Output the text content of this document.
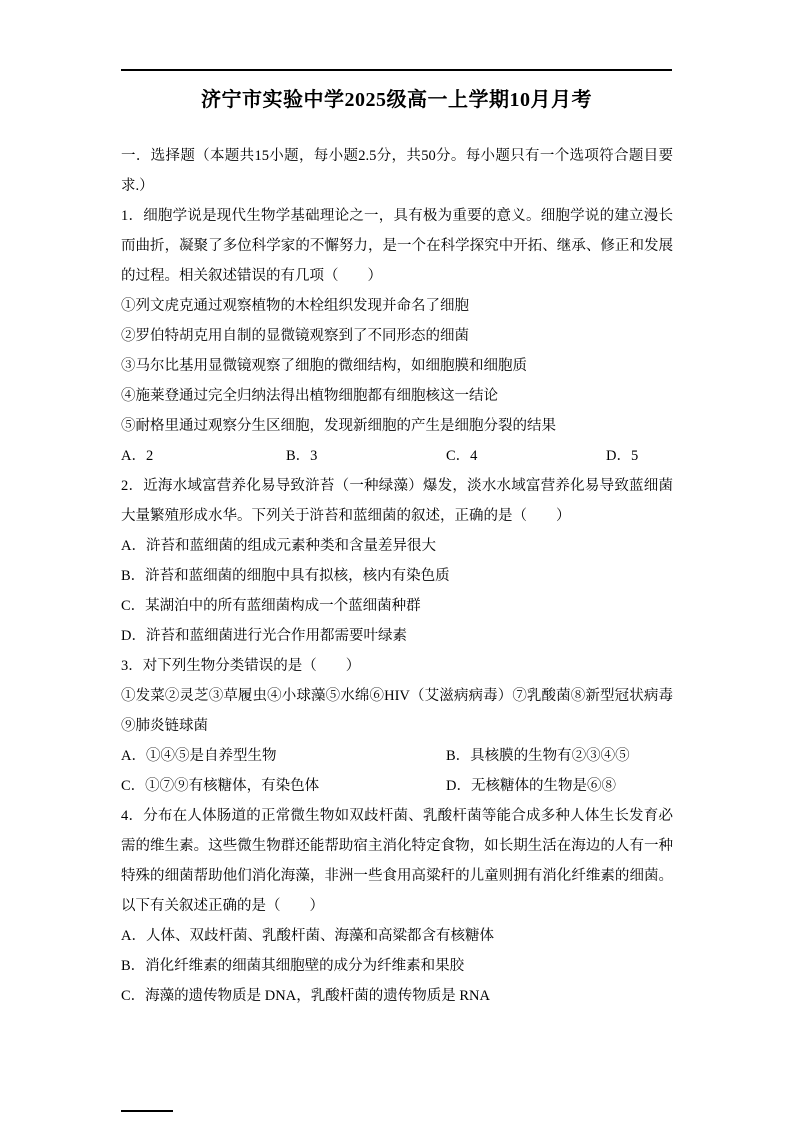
济宁市实验中学2025级高一上学期10月月考

一．选择题（本题共15小题，每小题2.5分，共50分。每小题只有一个选项符合题目要求.）

1．细胞学说是现代生物学基础理论之一，具有极为重要的意义。细胞学说的建立漫长而曲折，凝聚了多位科学家的不懈努力，是一个在科学探究中开拓、继承、修正和发展的过程。相关叙述错误的有几项（　　）

①列文虎克通过观察植物的木栓组织发现并命名了细胞

②罗伯特胡克用自制的显微镜观察到了不同形态的细菌

③马尔比基用显微镜观察了细胞的微细结构，如细胞膜和细胞质

④施莱登通过完全归纳法得出植物细胞都有细胞核这一结论

⑤耐格里通过观察分生区细胞，发现新细胞的产生是细胞分裂的结果

A．2	B．3	C．4	D．5

2．近海水域富营养化易导致浒苔（一种绿藻）爆发，淡水水域富营养化易导致蓝细菌大量繁殖形成水华。下列关于浒苔和蓝细菌的叙述，正确的是（　　）

A．浒苔和蓝细菌的组成元素种类和含量差异很大

B．浒苔和蓝细菌的细胞中具有拟核，核内有染色质

C．某湖泊中的所有蓝细菌构成一个蓝细菌种群

D．浒苔和蓝细菌进行光合作用都需要叶绿素

3．对下列生物分类错误的是（　　）

①发菜②灵芝③草履虫④小球藻⑤水绵⑥HIV（艾滋病病毒）⑦乳酸菌⑧新型冠状病毒⑨肺炎链球菌

A．①④⑤是自养型生物	B．具核膜的生物有②③④⑤
C．①⑦⑨有核糖体，有染色体	D．无核糖体的生物是⑥⑧

4．分布在人体肠道的正常微生物如双歧杆菌、乳酸杆菌等能合成多种人体生长发育必需的维生素。这些微生物群还能帮助宿主消化特定食物，如长期生活在海边的人有一种特殊的细菌帮助他们消化海藻，非洲一些食用高粱秆的儿童则拥有消化纤维素的细菌。以下有关叙述正确的是（　　）

A．人体、双歧杆菌、乳酸杆菌、海藻和高粱都含有核糖体

B．消化纤维素的细菌其细胞壁的成分为纤维素和果胶

C．海藻的遗传物质是 DNA，乳酸杆菌的遗传物质是 RNA
